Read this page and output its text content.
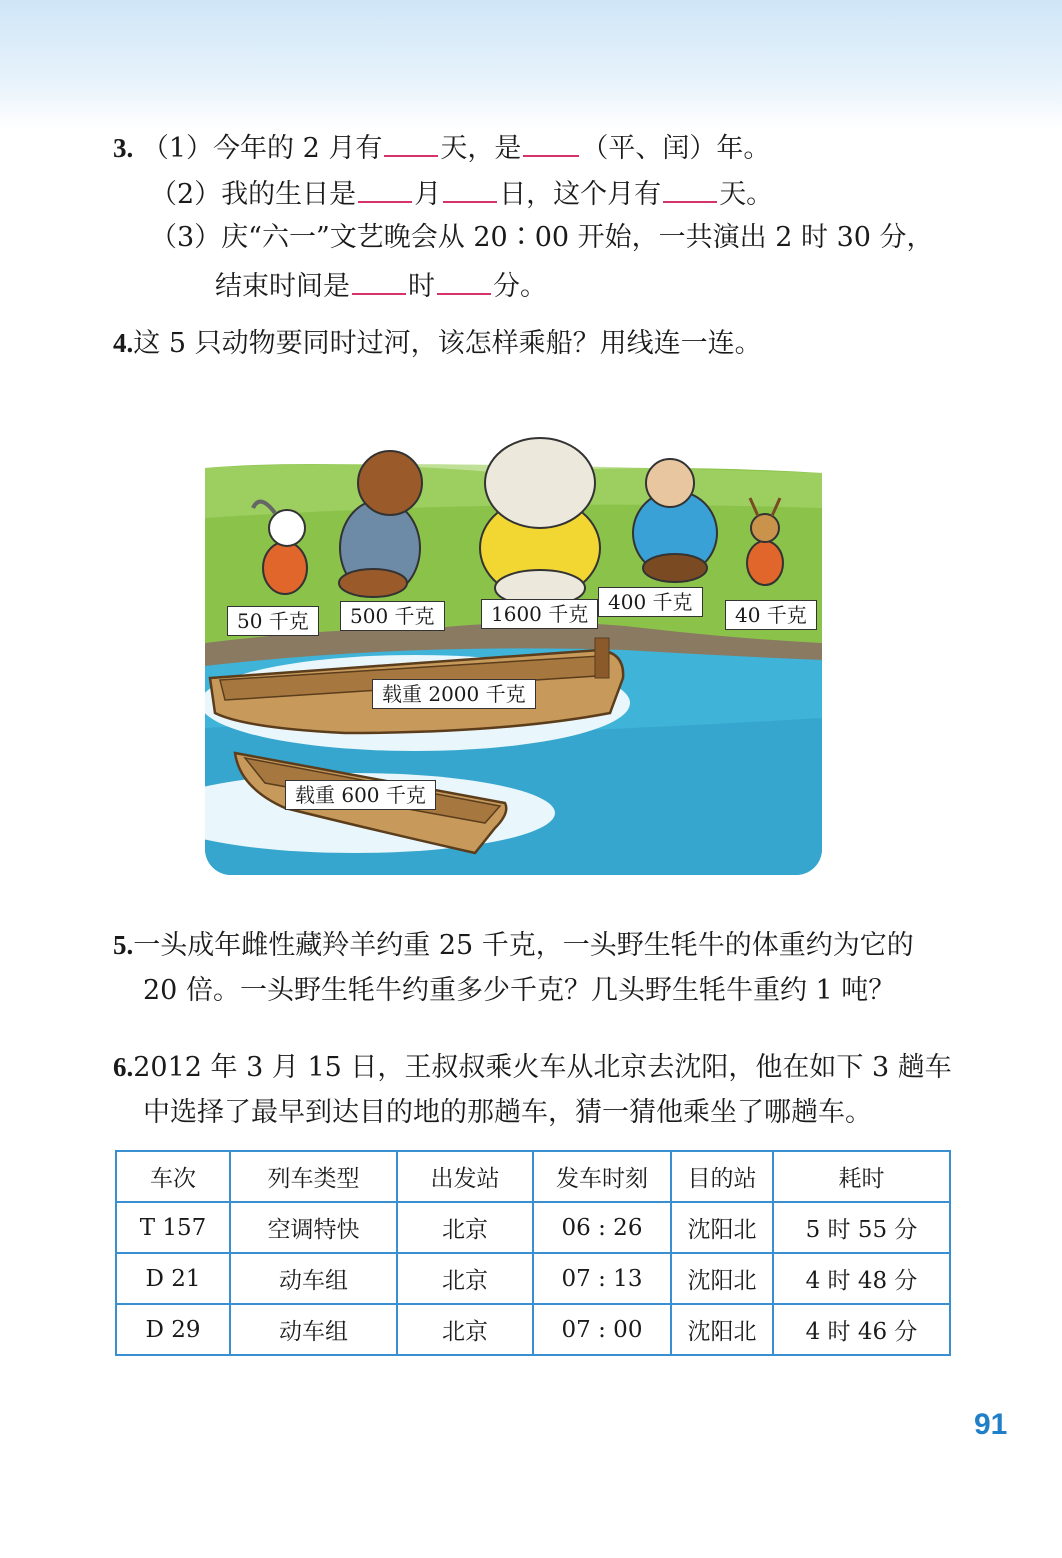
3. （1）今年的 2 月有 天，是 （平、闰）年。
（2）我的生日是 月 日，这个月有 天。
（3）庆“六一”文艺晚会从 20∶00 开始，一共演出 2 时 30 分，
结束时间是 时 分。
4.这 5 只动物要同时过河，该怎样乘船？用线连一连。
50 千克	500 千克	1600 千克 400 千克
40 千克
载重 2000 千克
载重 600 千克
5.一头成年雌性藏羚羊约重 25 千克，一头野生牦牛的体重约为它的
20 倍。一头野生牦牛约重多少千克？几头野生牦牛重约 1 吨？
6.2012 年 3 月 15 日，王叔叔乘火车从北京去沈阳，他在如下 3 趟车
中选择了最早到达目的地的那趟车，猜一猜他乘坐了哪趟车。
车次	列车类型	出发站	发车时刻	目的站	耗时
T 157	空调特快	北京	06 : 26	沈阳北	5 时 55 分
D 21	动车组	北京	07 : 13	沈阳北	4 时 48 分
D 29	动车组	北京	07 : 00	沈阳北	4 时 46 分
91
